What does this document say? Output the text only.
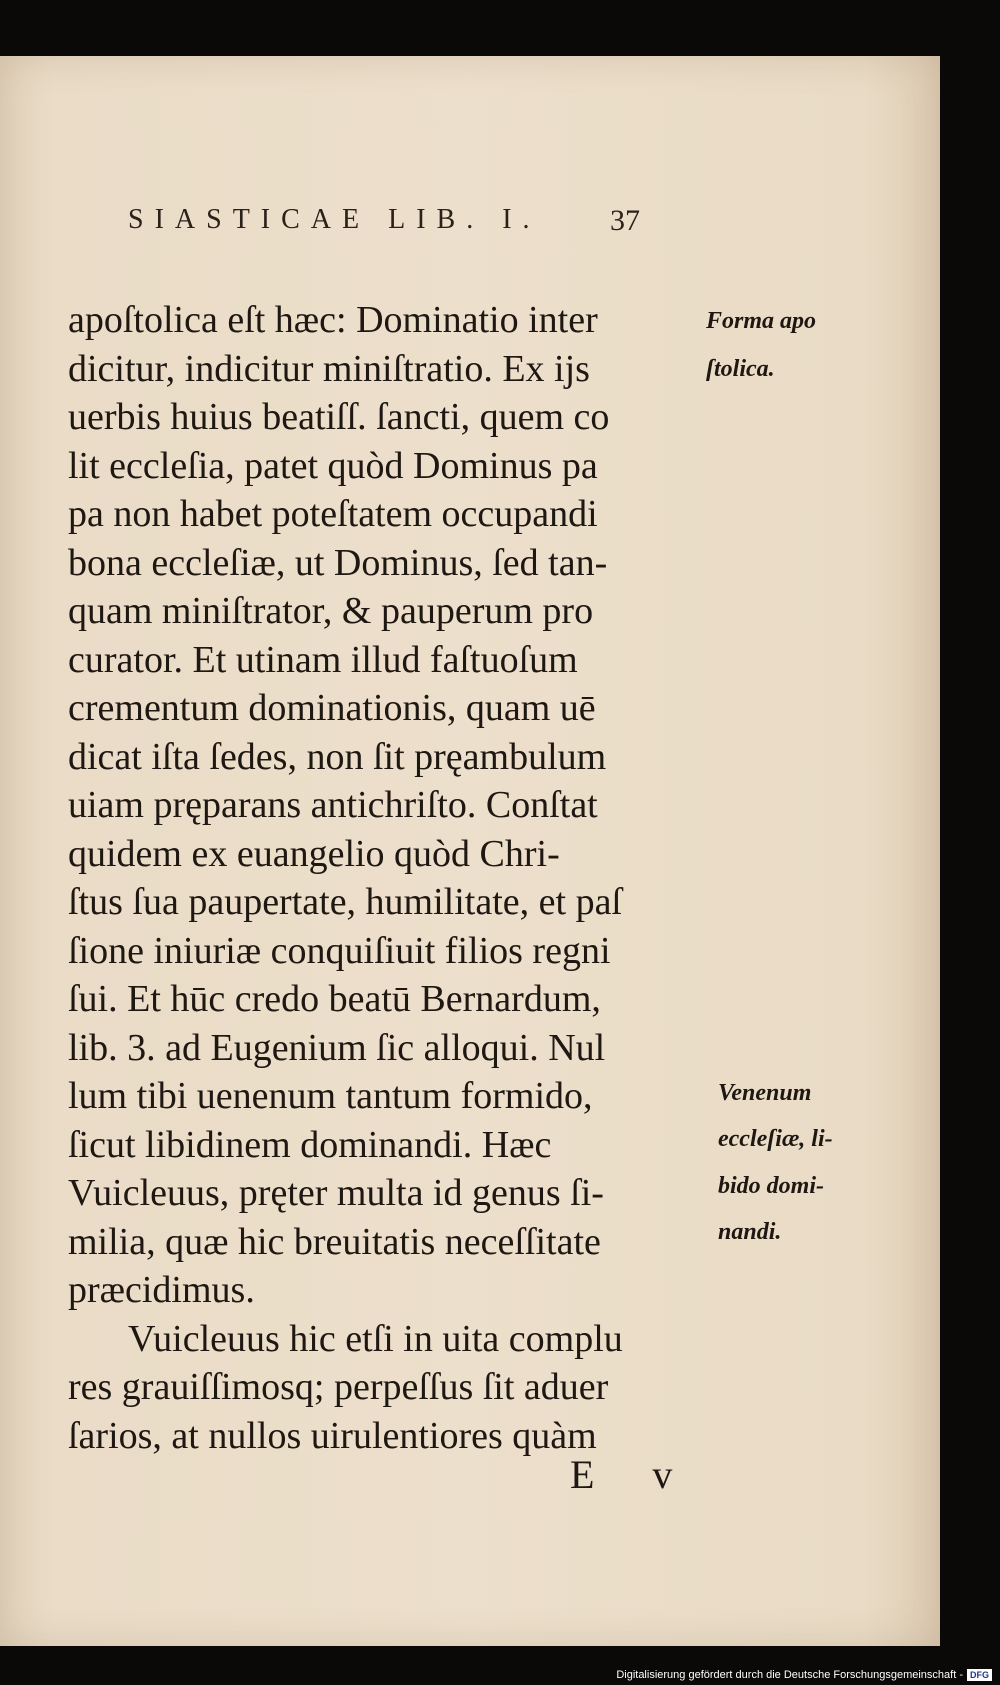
SIASTICAE LIB. I. 37
apoſtolica eſt hæc: Dominatio inter
dicitur, indicitur miniſtratio. Ex ijs
uerbis huius beatiſſ. ſancti, quem co
lit eccleſia, patet quòd Dominus pa
pa non habet poteſtatem occupandi
bona eccleſiæ, ut Dominus, ſed tan-
quam miniſtrator, & pauperum pro
curator. Et utinam illud faſtuoſum
crementum dominationis, quam uē
dicat iſta ſedes, non ſit pręambulum
uiam pręparans antichriſto. Conſtat
quidem ex euangelio quòd Chri-
ſtus ſua paupertate, humilitate, et paſ
ſione iniuriæ conquiſiuit filios regni
ſui. Et hūc credo beatū Bernardum,
lib. 3. ad Eugenium ſic alloqui. Nul
lum tibi uenenum tantum formido,
ſicut libidinem dominandi. Hæc
Vuicleuus, pręter multa id genus ſi-
milia, quæ hic breuitatis neceſſitate
præcidimus.
Vuicleuus hic etſi in uita complu
res grauiſſimosq; perpeſſus ſit aduer
ſarios, at nullos uirulentiores quàm
Forma apo
ſtolica.
Venenum
eccleſiæ, li-
bido domi-
nandi.
E v
Digitalisierung gefördert durch die Deutsche Forschungsgemeinschaft - DFG
